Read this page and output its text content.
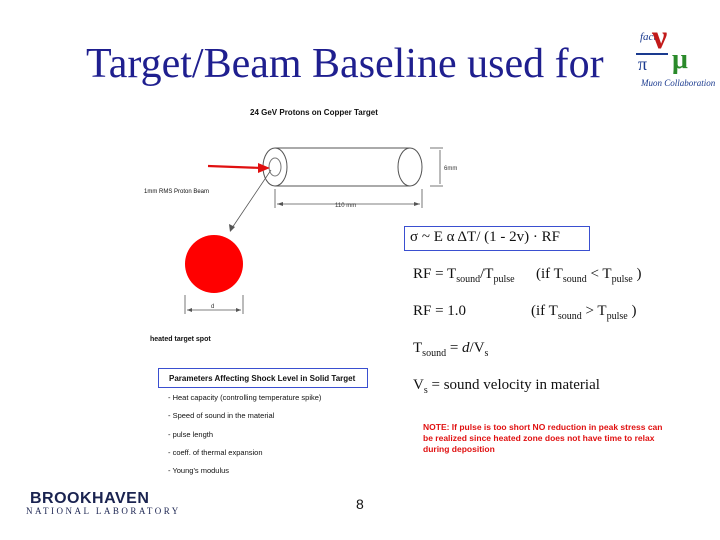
Target/Beam Baseline used for
fact
ν
μ
π
Muon Collaboration
24 GeV Protons on Copper Target
6mm
110 mm
1mm RMS Proton Beam
d
heated target spot
Parameters Affecting Shock Level in Solid Target
- Heat capacity (controlling temperature spike)
- Speed of sound in the material
- pulse length
- coeff. of thermal expansion
- Young's modulus
σ ~ E α ΔT/ (1 - 2v) · RF
RF = $T_{sound}/T_{pulse}$ (if $T_{sound} < T_{pulse}$ )
RF = 1.0	(if $T_{sound} > T_{pulse}$ )
$T_{sound} = d/V_s$
$V_s$ = sound velocity in material
NOTE: If pulse is too short NO reduction in peak stress can be realized since heated zone does not have time to relax during deposition
8
BROOKHAVEN
NATIONAL LABORATORY
